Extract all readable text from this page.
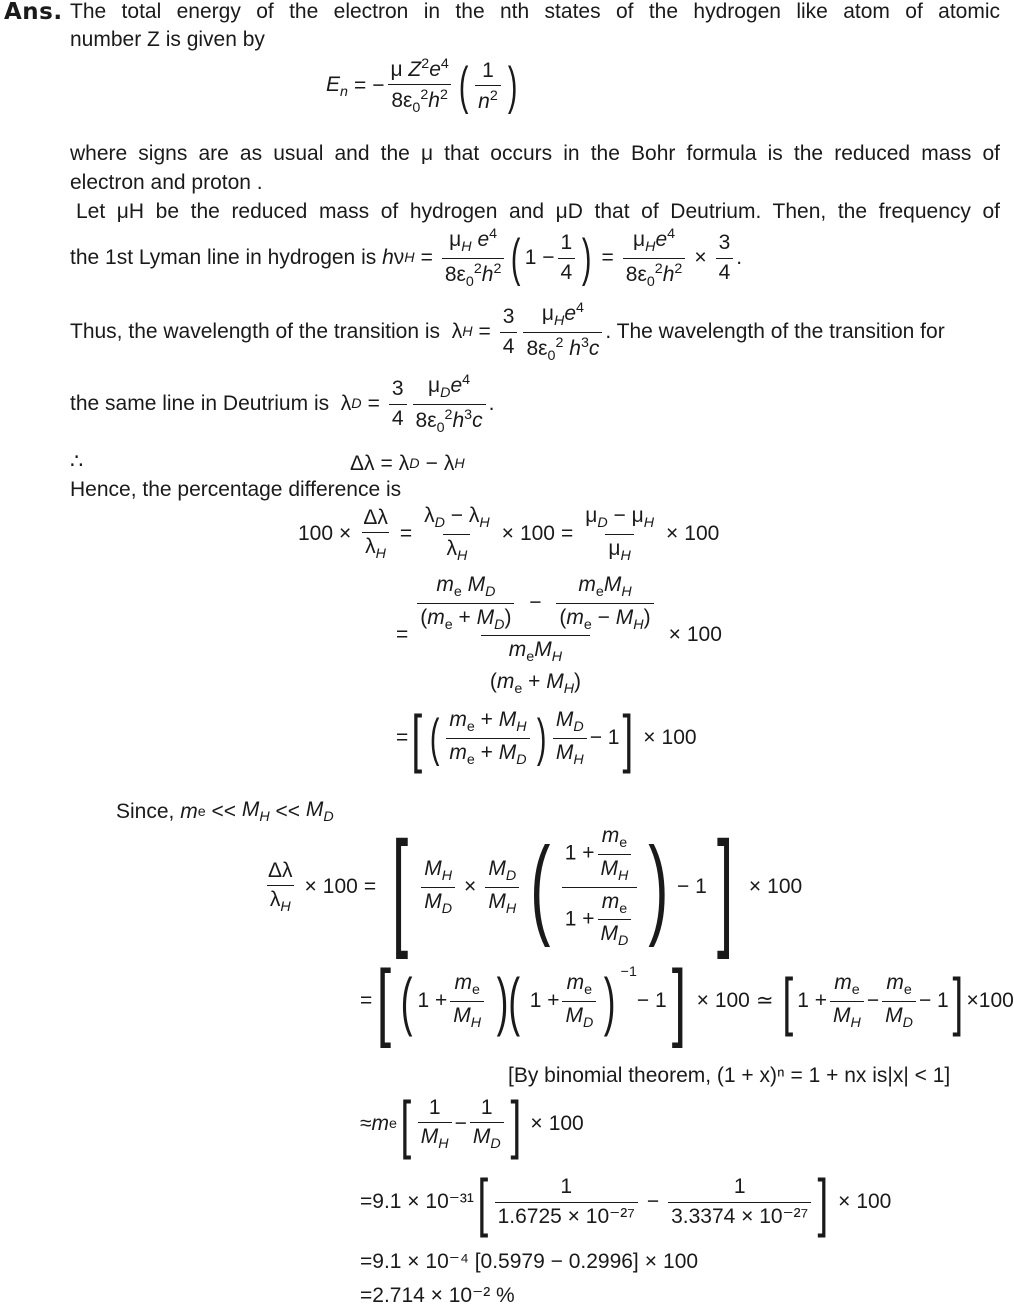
Ans. The total energy of the electron in the nth states of the hydrogen like atom of atomic
number Z is given by
$E_n$ = − $\frac{\mu Z^2e^4}{8\varepsilon_0^2h^2}$ ( $\frac{1}{n^2}$ )
where signs are as usual and the μ that occurs in the Bohr formula is the reduced mass of
electron and proton .
Let μH be the reduced mass of hydrogen and μD that of Deutrium. Then, the frequency of
the 1st Lyman line in hydrogen is
h ν $H = \frac{\mu_H e^4}{8\varepsilon_0^2h^2}$ ( $1 - \frac{1}{4}$ ) = $\frac{\mu_He^4}{8\varepsilon_0^2h^2} \times \frac{3}{4}$ .
Thus, the wavelength of the transition is λ $H = \frac{3}{4} \frac{\mu_He^4}{8\varepsilon_0^2 h^3c}$ . The wavelength of the transition for
the same line in Deutrium is λ $D = \frac{3}{4} \frac{\mu_De^4}{8\varepsilon_0^2h^3c}$ .
∴	Δλ = λ D − λ H
Hence, the percentage difference is
$100 \times \frac{\Delta\lambda}{\lambda_H} = \frac{\lambda_D - \lambda_H}{\lambda_H} \times 100 = \frac{\mu_D - \mu_H}{\mu_H} \times 100$
= $\frac{m_e M_D}{(m_e + M_D)} - \frac{m_eM_H}{(m_e - M_H)}$
$m_eM_H$
$(m_e + M_H) \times 100$
= [ ( $\frac{m_e + M_H}{m_e + M_D}$ ) $\frac{M_D}{M_H} - 1$ ] × 100
Since,
m $e << M_H << M_D$
$\frac{\Delta\lambda}{\lambda_H} \times 100$ = [ $\frac{M_H}{M_D} \times \frac{M_D}{M_H}$ ( $\frac{1 + \frac{m_e}{M_H}}{1 + \frac{m_e}{M_D}}$ ) − 1 ] × 100
= [ ( $1 + \frac{m_e}{M_H}$ )( $1 + \frac{m_e}{M_D}$ ) $^{-1}$
− 1 ] × 100 ≃ [ $1 + \frac{m_e}{M_H} - \frac{m_e}{M_D} - 1$ ] ×100
[By binomial theorem, (1 + x)ⁿ = 1 + nx is|x| < 1]
≈ m e [ $\frac{1}{M_H} - \frac{1}{M_D}$ ] × 100
= 9.1 × 10⁻³¹ [ $\frac{1}{\text{1.6725 × 10⁻²⁷}} - \frac{1}{\text{3.3374 × 10⁻²⁷}}$ ] × 100
= 9.1 × 10⁻⁴
[0.5979 − 0.2996] × 100
= 2.714 × 10⁻² %
